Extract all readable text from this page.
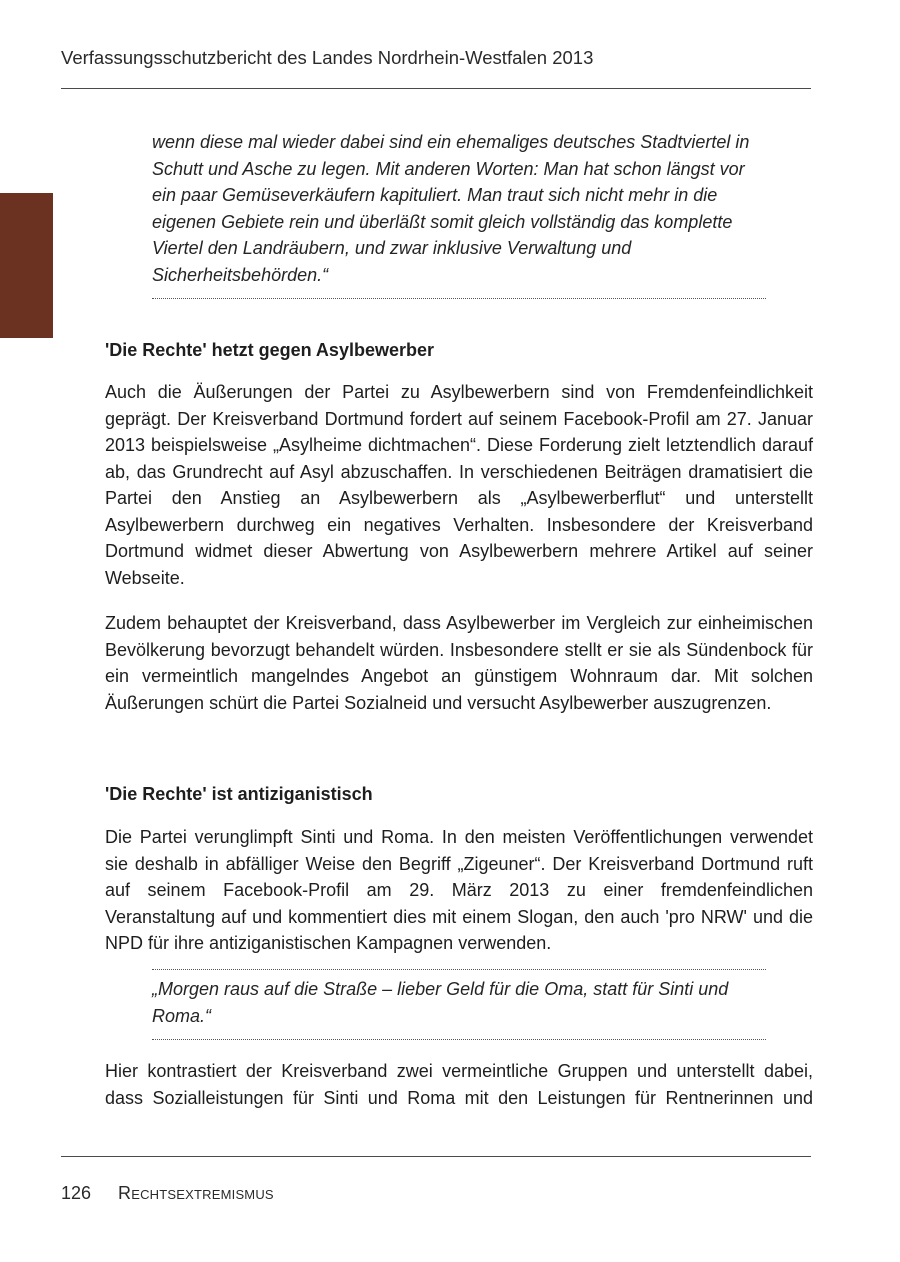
Verfassungsschutzbericht des Landes Nordrhein-Westfalen 2013

wenn diese mal wieder dabei sind ein ehemaliges deutsches Stadtviertel in Schutt und Asche zu legen. Mit anderen Worten: Man hat schon längst vor ein paar Gemüseverkäufern kapituliert. Man traut sich nicht mehr in die eigenen Gebiete rein und überläßt somit gleich vollständig das komplette Viertel den Landräubern, und zwar inklusive Verwaltung und Sicherheitsbehörden.“

'Die Rechte' hetzt gegen Asylbewerber

Auch die Äußerungen der Partei zu Asylbewerbern sind von Fremdenfeindlichkeit geprägt. Der Kreisverband Dortmund fordert auf seinem Facebook-Profil am 27. Januar 2013 beispielsweise „Asylheime dichtmachen“. Diese Forderung zielt letztendlich darauf ab, das Grundrecht auf Asyl abzuschaffen. In verschiedenen Beiträgen dramatisiert die Partei den Anstieg an Asylbewerbern als „Asylbewerberflut“ und unterstellt Asylbewerbern durchweg ein negatives Verhalten. Insbesondere der Kreisverband Dortmund widmet dieser Abwertung von Asylbewerbern mehrere Artikel auf seiner Webseite.

Zudem behauptet der Kreisverband, dass Asylbewerber im Vergleich zur einheimischen Bevölkerung bevorzugt behandelt würden. Insbesondere stellt er sie als Sündenbock für ein vermeintlich mangelndes Angebot an günstigem Wohnraum dar. Mit solchen Äußerungen schürt die Partei Sozialneid und versucht Asylbewerber auszugrenzen.

'Die Rechte' ist antiziganistisch

Die Partei verunglimpft Sinti und Roma. In den meisten Veröffentlichungen verwendet sie deshalb in abfälliger Weise den Begriff „Zigeuner“. Der Kreisverband Dortmund ruft auf seinem Facebook-Profil am 29. März 2013 zu einer fremdenfeindlichen Veranstaltung auf und kommentiert dies mit einem Slogan, den auch 'pro NRW' und die NPD für ihre antiziganistischen Kampagnen verwenden.

„Morgen raus auf die Straße – lieber Geld für die Oma, statt für Sinti und Roma.“

Hier kontrastiert der Kreisverband zwei vermeintliche Gruppen und unterstellt dabei, dass Sozialleistungen für Sinti und Roma mit den Leistungen für Rentnerinnen und

126 Rechtsextremismus
